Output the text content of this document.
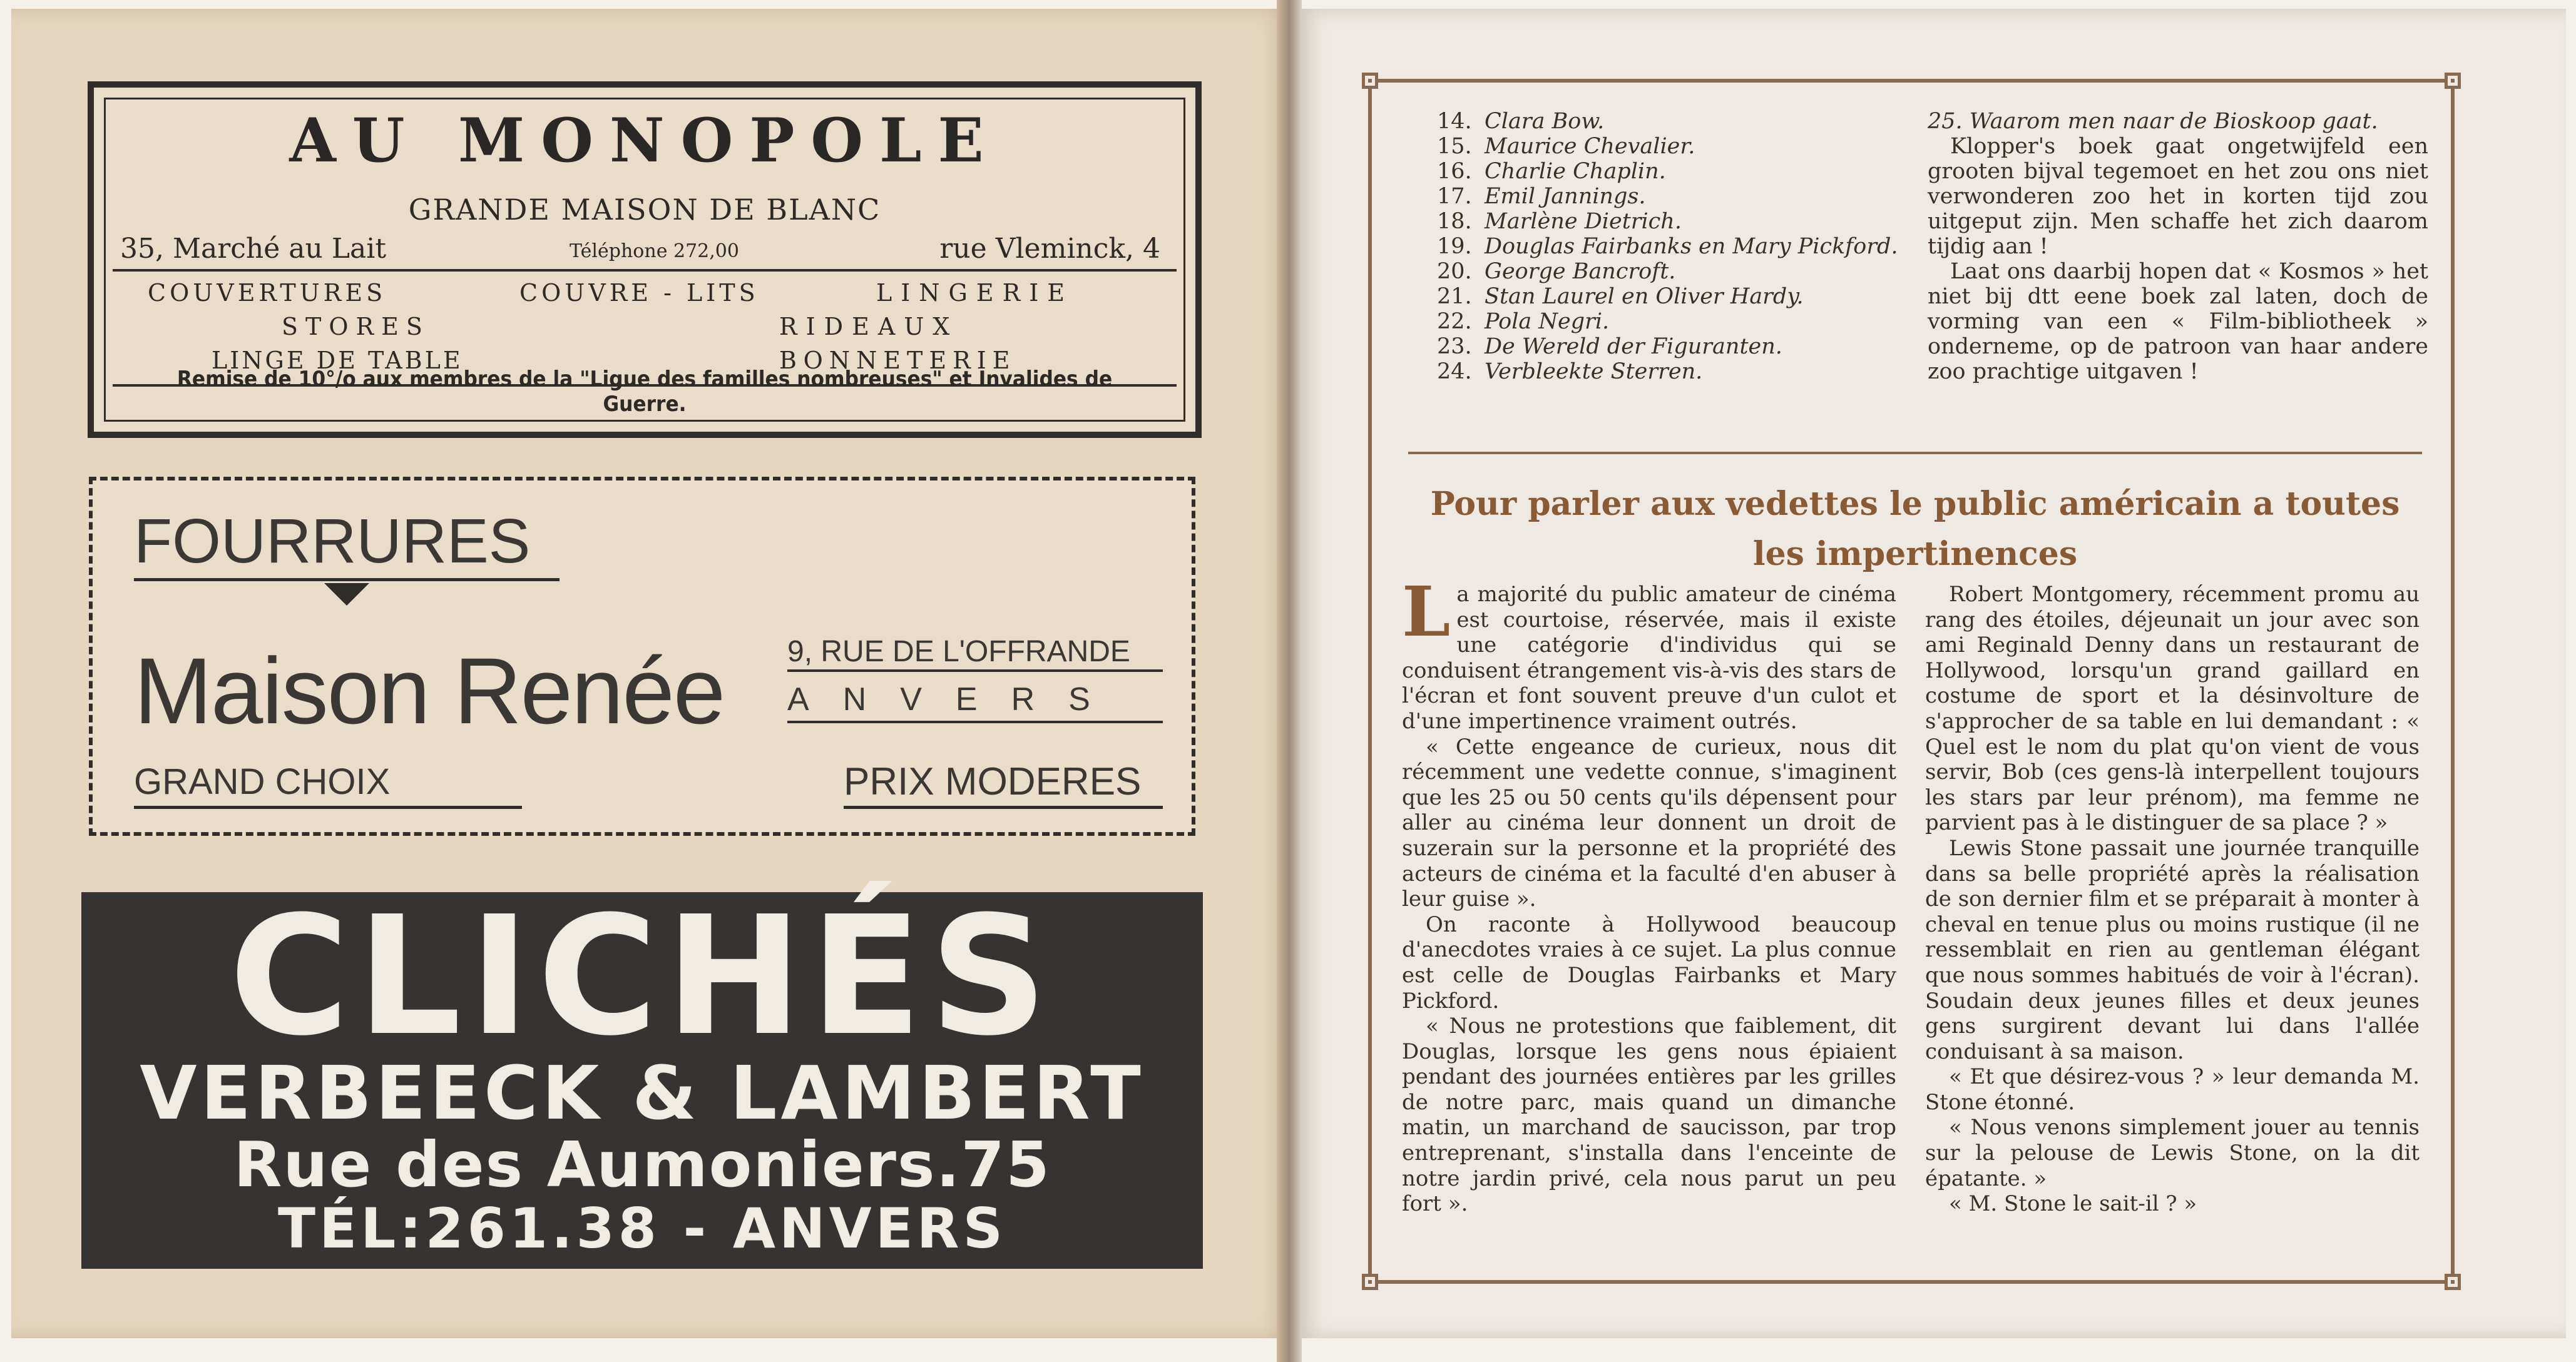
AU MONOPOLE
GRANDE MAISON DE BLANC
35, Marché au Lait	Téléphone 272,00	rue Vleminck, 4
COUVERTURES	COUVRE - LITS	LINGERIE
STORES	RIDEAUX
LINGE DE TABLE	BONNETERIE
Remise de 10°/o aux membres de la "Ligue des familles nombreuses" et Invalides de Guerre.
FOURRURES
Maison Renée
GRAND CHOIX
9, RUE DE L'OFFRANDE
ANVERS
PRIX MODERES
CLICHÉS
VERBEECK & LAMBERT
Rue des Aumoniers.75
TÉL:261.38 - ANVERS
14. Clara Bow.
15. Maurice Chevalier.
16. Charlie Chaplin.
17. Emil Jannings.
18. Marlène Dietrich.
19. Douglas Fairbanks en Mary Pickford.
20. George Bancroft.
21. Stan Laurel en Oliver Hardy.
22. Pola Negri.
23. De Wereld der Figuranten.
24. Verbleekte Sterren.
25. Waarom men naar de Bioskoop gaat.

Klopper's boek gaat ongetwijfeld een grooten bijval tegemoet en het zou ons niet verwonderen zoo het in korten tijd zou uitgeput zijn. Men schaffe het zich daarom tijdig aan !

Laat ons daarbij hopen dat « Kosmos » het niet bij dtt eene boek zal laten, doch de vorming van een « Film-bibliotheek » onderneme, op de patroon van haar andere zoo prachtige uitgaven !

Pour parler aux vedettes le public américain a toutes les impertinences

La majorité du public amateur de cinéma est courtoise, réservée, mais il existe une catégorie d'individus qui se conduisent étrangement vis-à-vis des stars de l'écran et font souvent preuve d'un culot et d'une impertinence vraiment outrés.

« Cette engeance de curieux, nous dit récemment une vedette connue, s'imaginent que les 25 ou 50 cents qu'ils dépensent pour aller au cinéma leur donnent un droit de suzerain sur la personne et la propriété des acteurs de cinéma et la faculté d'en abuser à leur guise ».

On raconte à Hollywood beaucoup d'anecdotes vraies à ce sujet. La plus connue est celle de Douglas Fairbanks et Mary Pickford.

« Nous ne protestions que faiblement, dit Douglas, lorsque les gens nous épiaient pendant des journées entières par les grilles de notre parc, mais quand un dimanche matin, un marchand de saucisson, par trop entreprenant, s'installa dans l'enceinte de notre jardin privé, cela nous parut un peu fort ».

Robert Montgomery, récemment promu au rang des étoiles, déjeunait un jour avec son ami Reginald Denny dans un restaurant de Hollywood, lorsqu'un grand gaillard en costume de sport et la désinvolture de s'approcher de sa table en lui demandant : « Quel est le nom du plat qu'on vient de vous servir, Bob (ces gens-là interpellent toujours les stars par leur prénom), ma femme ne parvient pas à le distinguer de sa place ? »

Lewis Stone passait une journée tranquille dans sa belle propriété après la réalisation de son dernier film et se préparait à monter à cheval en tenue plus ou moins rustique (il ne ressemblait en rien au gentleman élégant que nous sommes habitués de voir à l'écran). Soudain deux jeunes filles et deux jeunes gens surgirent devant lui dans l'allée conduisant à sa maison.

« Et que désirez-vous ? » leur demanda M. Stone étonné.

« Nous venons simplement jouer au tennis sur la pelouse de Lewis Stone, on la dit épatante. »

« M. Stone le sait-il ? »
